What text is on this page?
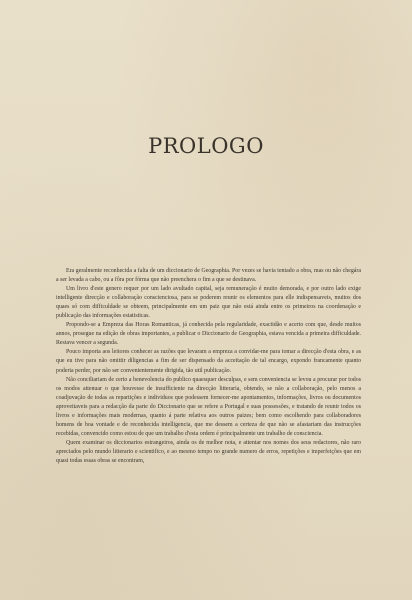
PROLOGO

Era geralmente reconhecida a falta de um diccionario de Geographia. Por vezes se havia tentado a obra, mas ou não chegára a ser levada a cabo, ou a fôra por fórma que não preenchera o fim a que se destinava.

Um livro d'este genero requer por um lado avultado capital, seja remuneração é muito demorada, e por outro lado exige intelligente direcção e collaboração conscienciosa, para se poderem reunir os elementos para elle indispensaveis, muitos dos quaes só com difficuldade se obteem, principalmente em um paiz que não está ainda entre os primeiros na coordenação e publicação das informações estatisticas.

Propondo-se a Empreza das Horas Romanticas, já conhecida pela regularidade, exactidão e acerto com que, desde muitos annos, prosegue na edição de obras importantes, a publicar o Diccionario de Geographia, estava vencida a primeira difficuldade. Restava vencer a segunda.

Pouco importa aos leitores conhecer as razões que levaram a empreza a convidar-me para tomar a direcção d'esta obra, e as que eu tive para não omittir diligencias a fim de ser dispensado da acceitação de tal encargo, expondo francamente quanto poderia perder, por não ser convenientemente dirigida, tão util publicação.

Não conciliariam de certo a benevolencia do publico quaesquer desculpas, e sem conveniencia se levou a procurar por todos os modos attenuar o que houvesse de insufficiente na direcção litteraria, obtendo, se não a collaboração, pelo menos a coadjuvação de todas as repartições e individuos que podessem fornecer-me apontamentos, informações, livros ou documentos aproveitaveis para a redacção da parte do Diccionario que se refere a Portugal e suas possessões, e tratando de reunir todos os livros e informações mais modernas, quanto á parte relativa aos outros paizes; bem como escolhendo para collaboradores homens de boa vontade e de reconhecida intelligencia, que me dessem a certeza de que não se afastariam das instrucções recebidas, convencido como estou de que um trabalho d'esta ordem é principalmente um trabalho de consciencia.

Quem examinar os diccionarios estrangeiros, ainda os de melhor nota, e attentar nos nomes dos seus redactores, não raro apreciados pelo mundo litterario e scientifico, e ao mesmo tempo no grande numero de erros, repetições e imperfeições que em quasi todas essas obras se encontram,
